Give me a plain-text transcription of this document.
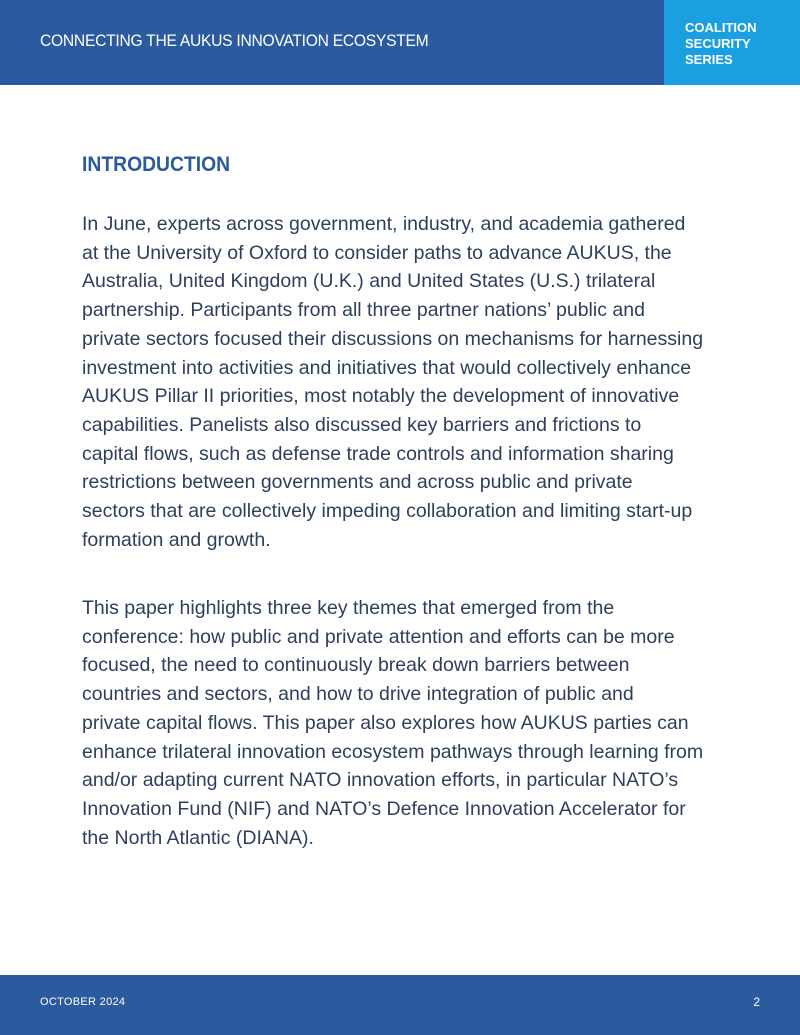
CONNECTING THE AUKUS INNOVATION ECOSYSTEM
COALITION
SECURITY
SERIES
INTRODUCTION
In June, experts across government, industry, and academia gathered
at the University of Oxford to consider paths to advance AUKUS, the
Australia, United Kingdom (U.K.) and United States (U.S.) trilateral
partnership. Participants from all three partner nations’ public and
private sectors focused their discussions on mechanisms for harnessing
investment into activities and initiatives that would collectively enhance
AUKUS Pillar II priorities, most notably the development of innovative
capabilities. Panelists also discussed key barriers and frictions to
capital flows, such as defense trade controls and information sharing
restrictions between governments and across public and private
sectors that are collectively impeding collaboration and limiting start-up
formation and growth.
This paper highlights three key themes that emerged from the
conference: how public and private attention and efforts can be more
focused, the need to continuously break down barriers between
countries and sectors, and how to drive integration of public and
private capital flows. This paper also explores how AUKUS parties can
enhance trilateral innovation ecosystem pathways through learning from
and/or adapting current NATO innovation efforts, in particular NATO’s
Innovation Fund (NIF) and NATO’s Defence Innovation Accelerator for
the North Atlantic (DIANA).
OCTOBER 2024	2
